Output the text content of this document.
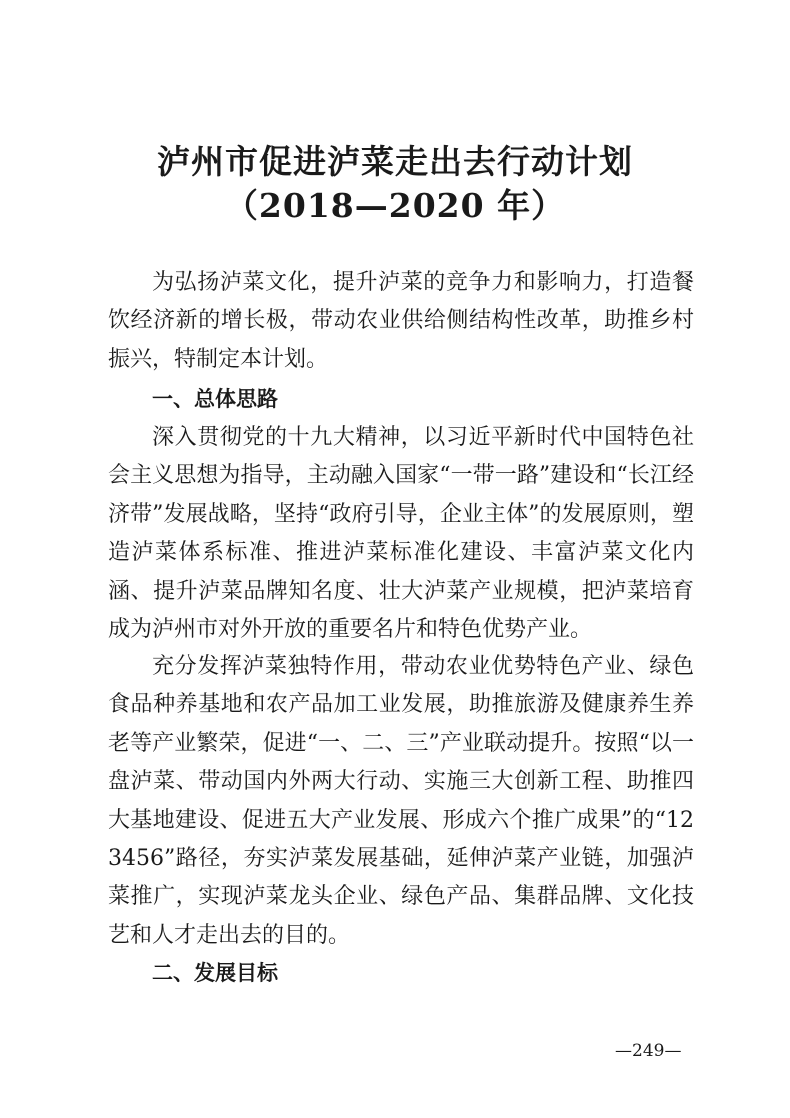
泸州市促进泸菜走出去行动计划
（2018—2020 年）

为弘扬泸菜文化，提升泸菜的竞争力和影响力，打造餐饮经济新的增长极，带动农业供给侧结构性改革，助推乡村振兴，特制定本计划。

一、总体思路

深入贯彻党的十九大精神，以习近平新时代中国特色社会主义思想为指导，主动融入国家“一带一路”建设和“长江经济带”发展战略，坚持“政府引导，企业主体”的发展原则，塑造泸菜体系标准、推进泸菜标准化建设、丰富泸菜文化内涵、提升泸菜品牌知名度、壮大泸菜产业规模，把泸菜培育成为泸州市对外开放的重要名片和特色优势产业。

充分发挥泸菜独特作用，带动农业优势特色产业、绿色食品种养基地和农产品加工业发展，助推旅游及健康养生养老等产业繁荣，促进“一、二、三”产业联动提升。按照“以一盘泸菜、带动国内外两大行动、实施三大创新工程、助推四大基地建设、促进五大产业发展、形成六个推广成果”的“123456”路径，夯实泸菜发展基础，延伸泸菜产业链，加强泸菜推广，实现泸菜龙头企业、绿色产品、集群品牌、文化技艺和人才走出去的目的。

二、发展目标
—249—
